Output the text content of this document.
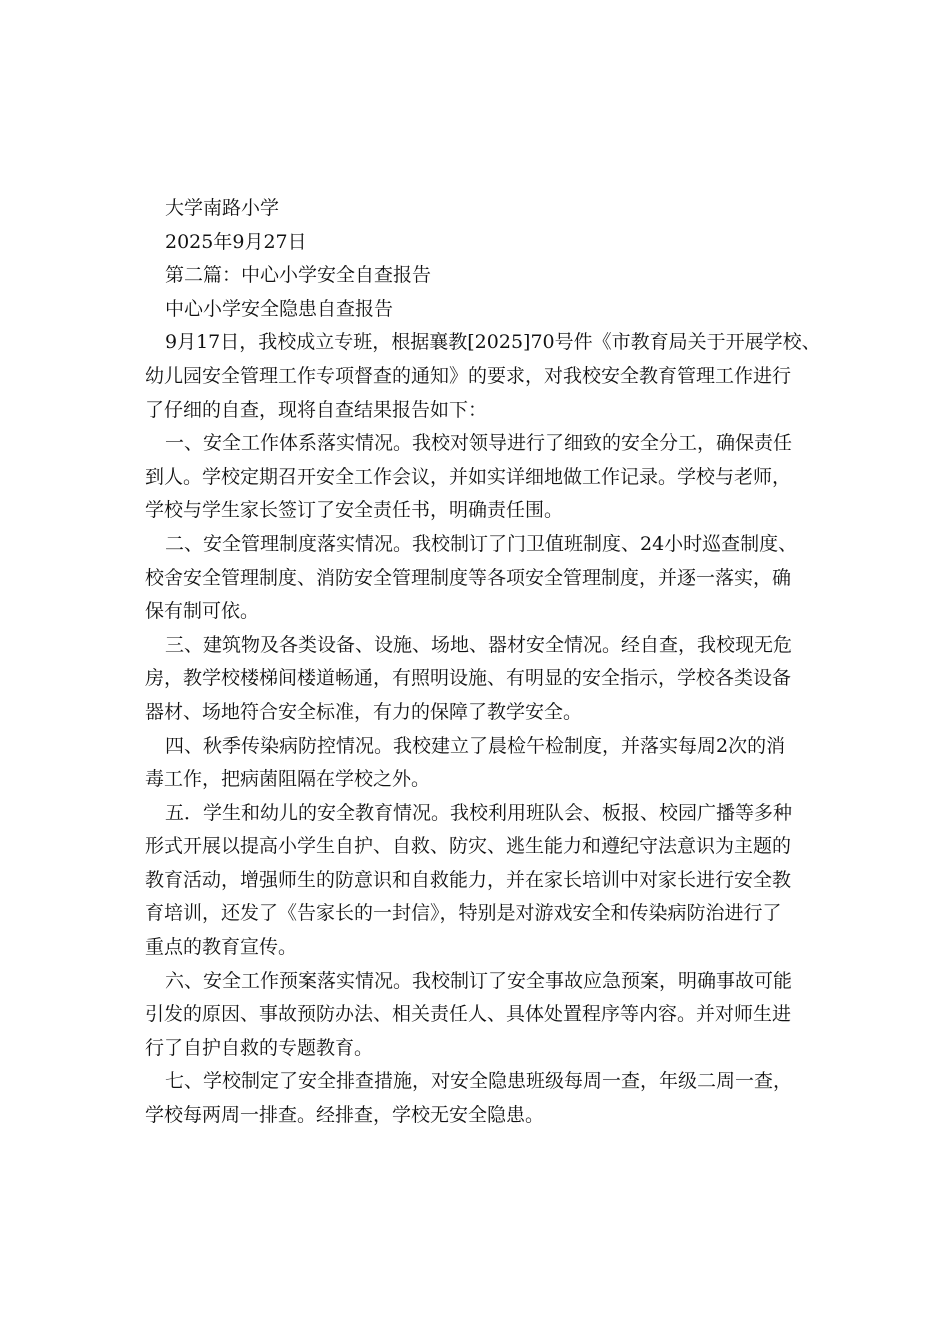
大学南路小学

2025年9月27日

第二篇：中心小学安全自查报告

中心小学安全隐患自查报告

9月17日，我校成立专班，根据襄教[2025]70号件《市教育局关于开展学校、
幼儿园安全管理工作专项督查的通知》的要求，对我校安全教育管理工作进行
了仔细的自查，现将自查结果报告如下：
一、安全工作体系落实情况。我校对领导进行了细致的安全分工，确保责任
到人。学校定期召开安全工作会议，并如实详细地做工作记录。学校与老师，
学校与学生家长签订了安全责任书，明确责任围。
二、安全管理制度落实情况。我校制订了门卫值班制度、24小时巡查制度、
校舍安全管理制度、消防安全管理制度等各项安全管理制度，并逐一落实，确
保有制可依。
三、建筑物及各类设备、设施、场地、器材安全情况。经自查，我校现无危
房，教学校楼梯间楼道畅通，有照明设施、有明显的安全指示，学校各类设备
器材、场地符合安全标准，有力的保障了教学安全。
四、秋季传染病防控情况。我校建立了晨检午检制度，并落实每周2次的消
毒工作，把病菌阻隔在学校之外。
五．学生和幼儿的安全教育情况。我校利用班队会、板报、校园广播等多种
形式开展以提高小学生自护、自救、防灾、逃生能力和遵纪守法意识为主题的
教育活动，增强师生的防意识和自救能力，并在家长培训中对家长进行安全教
育培训，还发了《告家长的一封信》，特别是对游戏安全和传染病防治进行了
重点的教育宣传。
六、安全工作预案落实情况。我校制订了安全事故应急预案，明确事故可能
引发的原因、事故预防办法、相关责任人、具体处置程序等内容。并对师生进
行了自护自救的专题教育。
七、学校制定了安全排查措施，对安全隐患班级每周一查，年级二周一查，
学校每两周一排查。经排查，学校无安全隐患。
